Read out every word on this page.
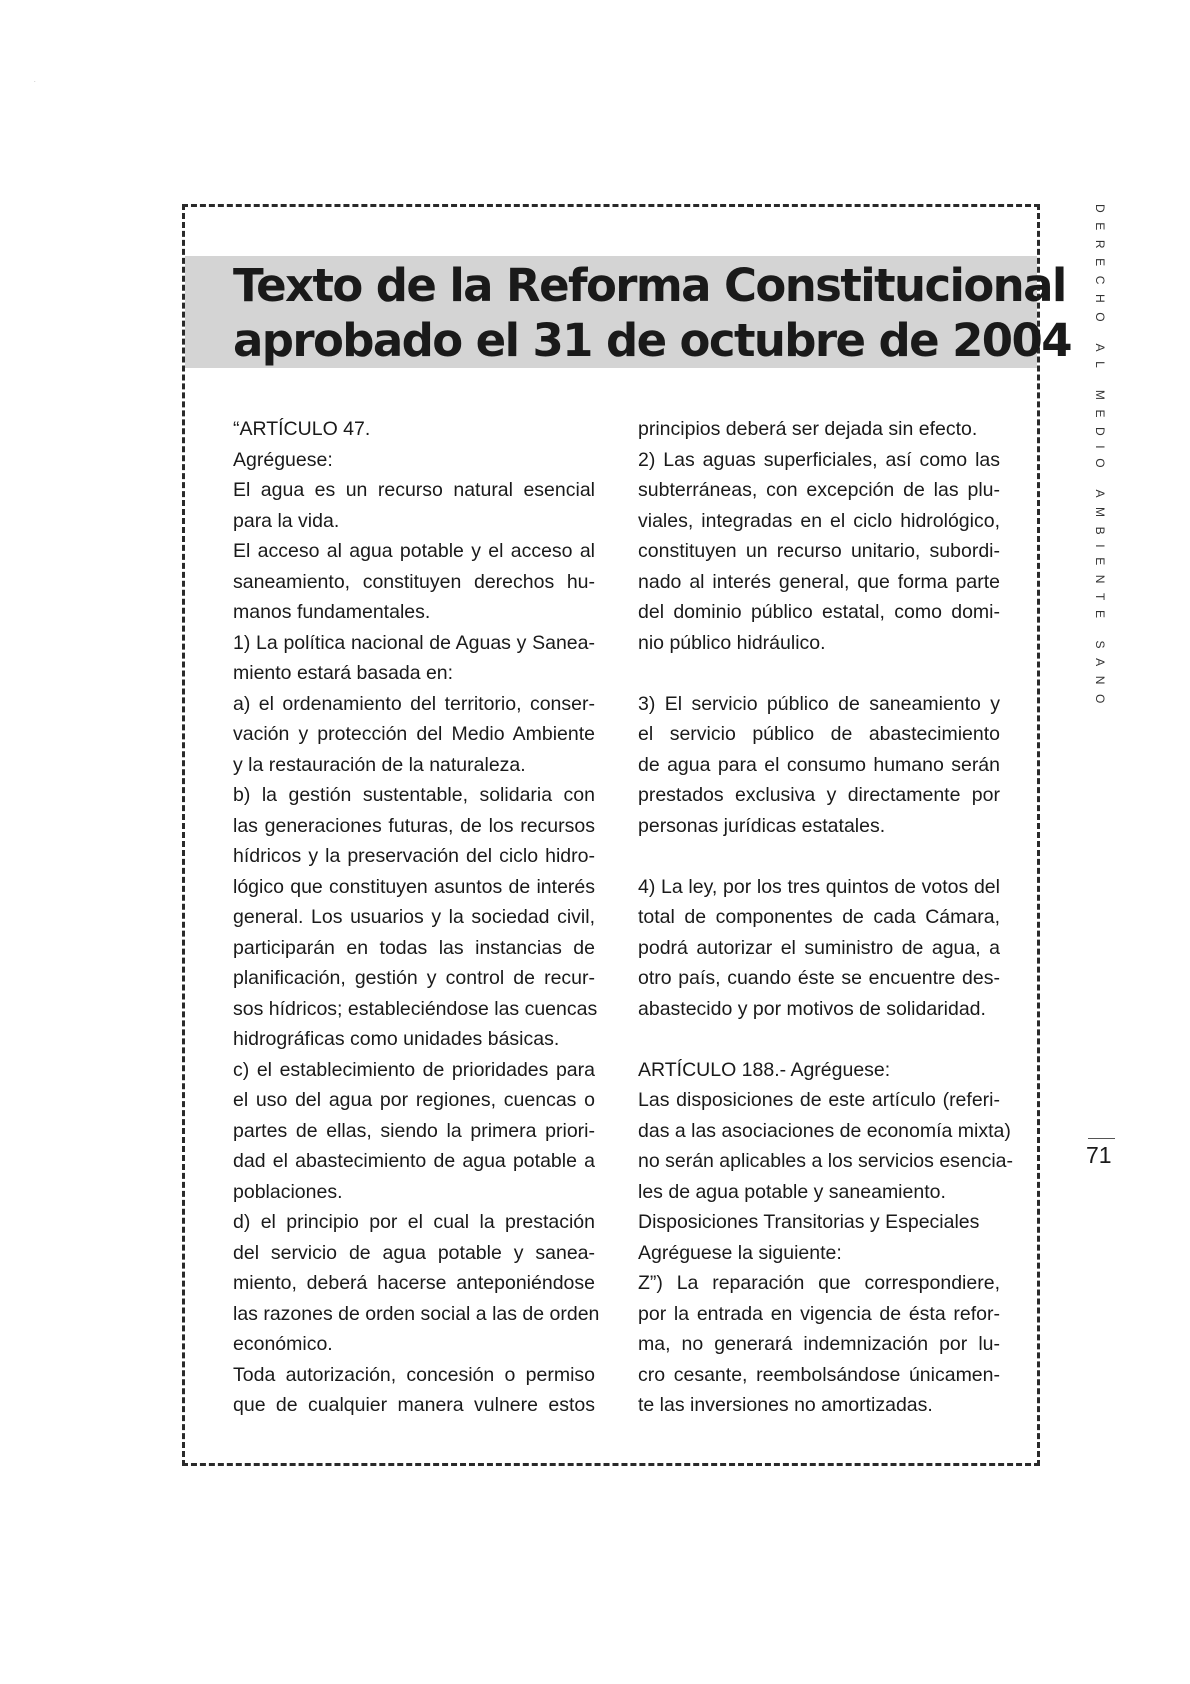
.
Texto de la Reforma Constitucional
aprobado el 31 de octubre de 2004
“ARTÍCULO 47.
Agréguese:
El agua es un recurso natural esencial
para la vida.
El acceso al agua potable y el acceso al
saneamiento, constituyen derechos hu-
manos fundamentales.
1) La política nacional de Aguas y Sanea-
miento estará basada en:
a) el ordenamiento del territorio, conser-
vación y protección del Medio Ambiente
y la restauración de la naturaleza.
b) la gestión sustentable, solidaria con
las generaciones futuras, de los recursos
hídricos y la preservación del ciclo hidro-
lógico que constituyen asuntos de interés
general. Los usuarios y la sociedad civil,
participarán en todas las instancias de
planificación, gestión y control de recur-
sos hídricos; estableciéndose las cuencas
hidrográficas como unidades básicas.
c) el establecimiento de prioridades para
el uso del agua por regiones, cuencas o
partes de ellas, siendo la primera priori-
dad el abastecimiento de agua potable a
poblaciones.
d) el principio por el cual la prestación
del servicio de agua potable y sanea-
miento, deberá hacerse anteponiéndose
las razones de orden social a las de orden
económico.
Toda autorización, concesión o permiso
que de cualquier manera vulnere estos
principios deberá ser dejada sin efecto.
2) Las aguas superficiales, así como las
subterráneas, con excepción de las plu-
viales, integradas en el ciclo hidrológico,
constituyen un recurso unitario, subordi-
nado al interés general, que forma parte
del dominio público estatal, como domi-
nio público hidráulico.
3) El servicio público de saneamiento y
el servicio público de abastecimiento
de agua para el consumo humano serán
prestados exclusiva y directamente por
personas jurídicas estatales.
4) La ley, por los tres quintos de votos del
total de componentes de cada Cámara,
podrá autorizar el suministro de agua, a
otro país, cuando éste se encuentre des-
abastecido y por motivos de solidaridad.
ARTÍCULO 188.- Agréguese:
Las disposiciones de este artículo (referi-
das a las asociaciones de economía mixta)
no serán aplicables a los servicios esencia-
les de agua potable y saneamiento.
Disposiciones Transitorias y Especiales
Agréguese la siguiente:
Z”) La reparación que correspondiere,
por la entrada en vigencia de ésta refor-
ma, no generará indemnización por lu-
cro cesante, reembolsándose únicamen-
te las inversiones no amortizadas.
DERECHO AL MEDIO AMBIENTE SANO
71
